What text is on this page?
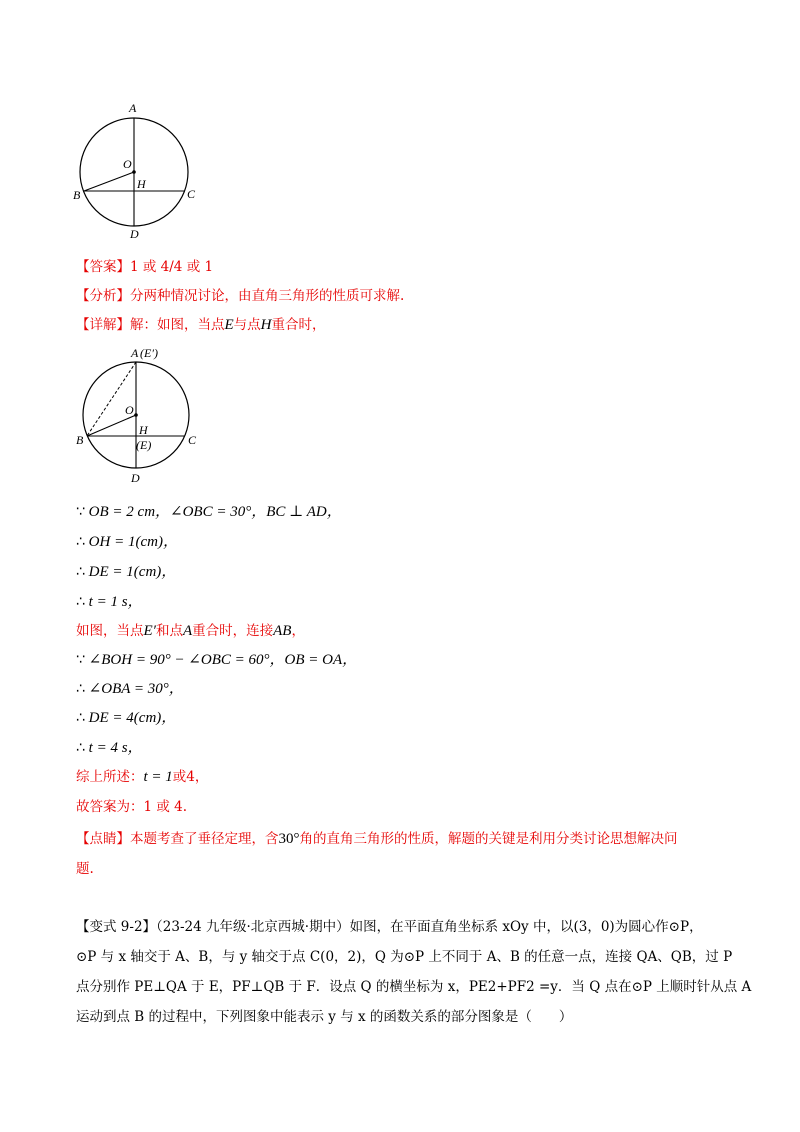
A
O
B
H
C
D
【答案】1 或 4/4 或 1
【分析】分两种情况讨论，由直角三角形的性质可求解.
【详解】解：如图，当点E与点H重合时，
A (E′)
O
B
H
(E)	C
D
∵ OB = 2 cm，∠OBC = 30°，BC ⊥ AD，
∴ OH = 1(cm)，
∴ DE = 1(cm)，
∴ t = 1 s，
如图，当点E′和点A重合时，连接AB，
∵ ∠BOH = 90° − ∠OBC = 60°，OB = OA，
∴ ∠OBA = 30°，
∴ DE = 4(cm)，
∴ t = 4 s，
综上所述：t = 1或4，
故答案为：1 或 4.
【点睛】本题考查了垂径定理，含30°角的直角三角形的性质，解题的关键是利用分类讨论思想解决问
题.
【变式 9-2】（23-24 九年级·北京西城·期中）如图，在平面直角坐标系 xOy 中，以(3，0)为圆心作⊙P，
⊙P 与 x 轴交于 A、B，与 y 轴交于点 C(0，2)，Q 为⊙P 上不同于 A、B 的任意一点，连接 QA、QB，过 P
点分别作 PE⊥QA 于 E，PF⊥QB 于 F．设点 Q 的横坐标为 x，PE2+PF2 =y．当 Q 点在⊙P 上顺时针从点 A
运动到点 B 的过程中，下列图象中能表示 y 与 x 的函数关系的部分图象是（　　）
